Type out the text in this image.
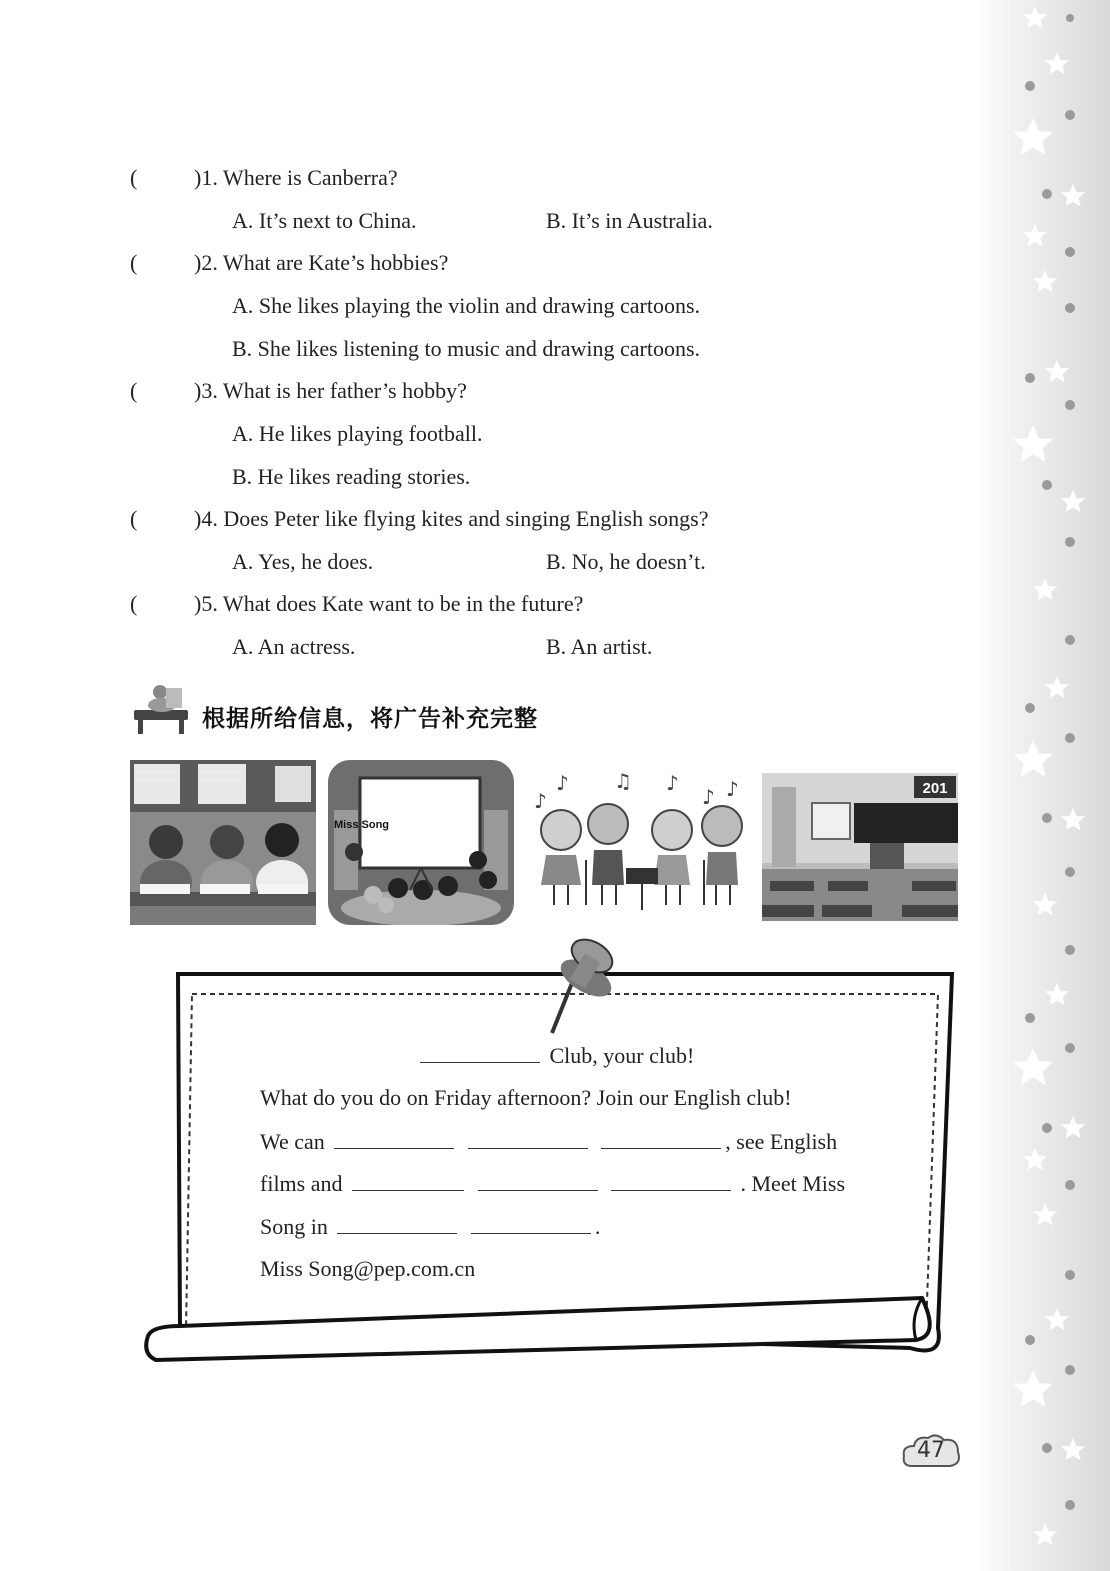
(	)1. Where is Canberra?
A. It’s next to China.	B. It’s in Australia.
(	)2. What are Kate’s hobbies?
A. She likes playing the violin and drawing cartoons.
B. She likes listening to music and drawing cartoons.
(	)3. What is her father’s hobby?
A. He likes playing football.
B. He likes reading stories.
(	)4. Does Peter like flying kites and singing English songs?
A. Yes, he does.	B. No, he doesn’t.
(	)5. What does Kate want to be in the future?
A. An actress.	B. An artist.
根据所给信息，将广告补充完整
Miss Song
♪
♪ ♫ ♪
♪ ♪	201
Club, your club!
What do you do on Friday afternoon? Join our English club!
We can	, see English
films and	. Meet Miss
Song in	.
Miss Song@pep.com.cn
47
